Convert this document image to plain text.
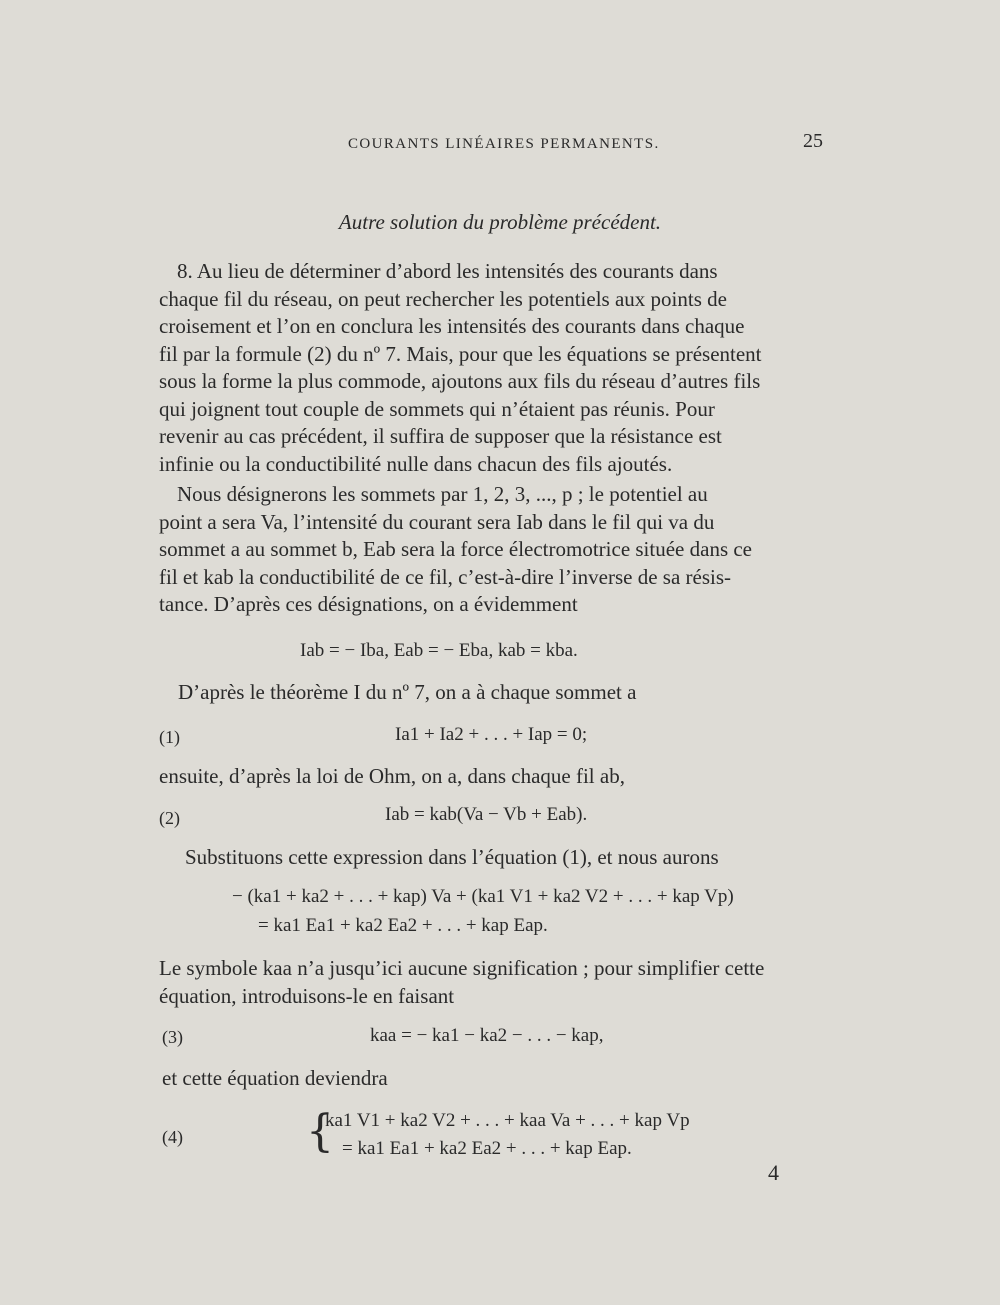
COURANTS LINÉAIRES PERMANENTS.	25
Autre solution du problème précédent.
8. Au lieu de déterminer d’abord les intensités des courants dans
chaque fil du réseau, on peut rechercher les potentiels aux points de
croisement et l’on en conclura les intensités des courants dans chaque
fil par la formule (2) du nº 7. Mais, pour que les équations se présentent
sous la forme la plus commode, ajoutons aux fils du réseau d’autres fils
qui joignent tout couple de sommets qui n’étaient pas réunis. Pour
revenir au cas précédent, il suffira de supposer que la résistance est
infinie ou la conductibilité nulle dans chacun des fils ajoutés.
Nous désignerons les sommets par 1, 2, 3, ..., p ; le potentiel au
point a sera Va, l’intensité du courant sera Iab dans le fil qui va du
sommet a au sommet b, Eab sera la force électromotrice située dans ce
fil et kab la conductibilité de ce fil, c’est-à-dire l’inverse de sa résis-
tance. D’après ces désignations, on a évidemment
Iab = − Iba, Eab = − Eba, kab = kba.
D’après le théorème I du nº 7, on a à chaque sommet a
(1)	Ia1 + Ia2 + . . . + Iap = 0;
ensuite, d’après la loi de Ohm, on a, dans chaque fil ab,
(2)	Iab = kab(Va − Vb + Eab).
Substituons cette expression dans l’équation (1), et nous aurons
− (ka1 + ka2 + . . . + kap) Va + (ka1 V1 + ka2 V2 + . . . + kap Vp)
= ka1 Ea1 + ka2 Ea2 + . . . + kap Eap.
Le symbole kaa n’a jusqu’ici aucune signification ; pour simplifier cette
équation, introduisons-le en faisant
(3)	kaa = − ka1 − ka2 − . . . − kap,
et cette équation deviendra
(4)	{
ka1 V1 + ka2 V2 + . . . + kaa Va + . . . + kap Vp
= ka1 Ea1 + ka2 Ea2 + . . . + kap Eap.
4
